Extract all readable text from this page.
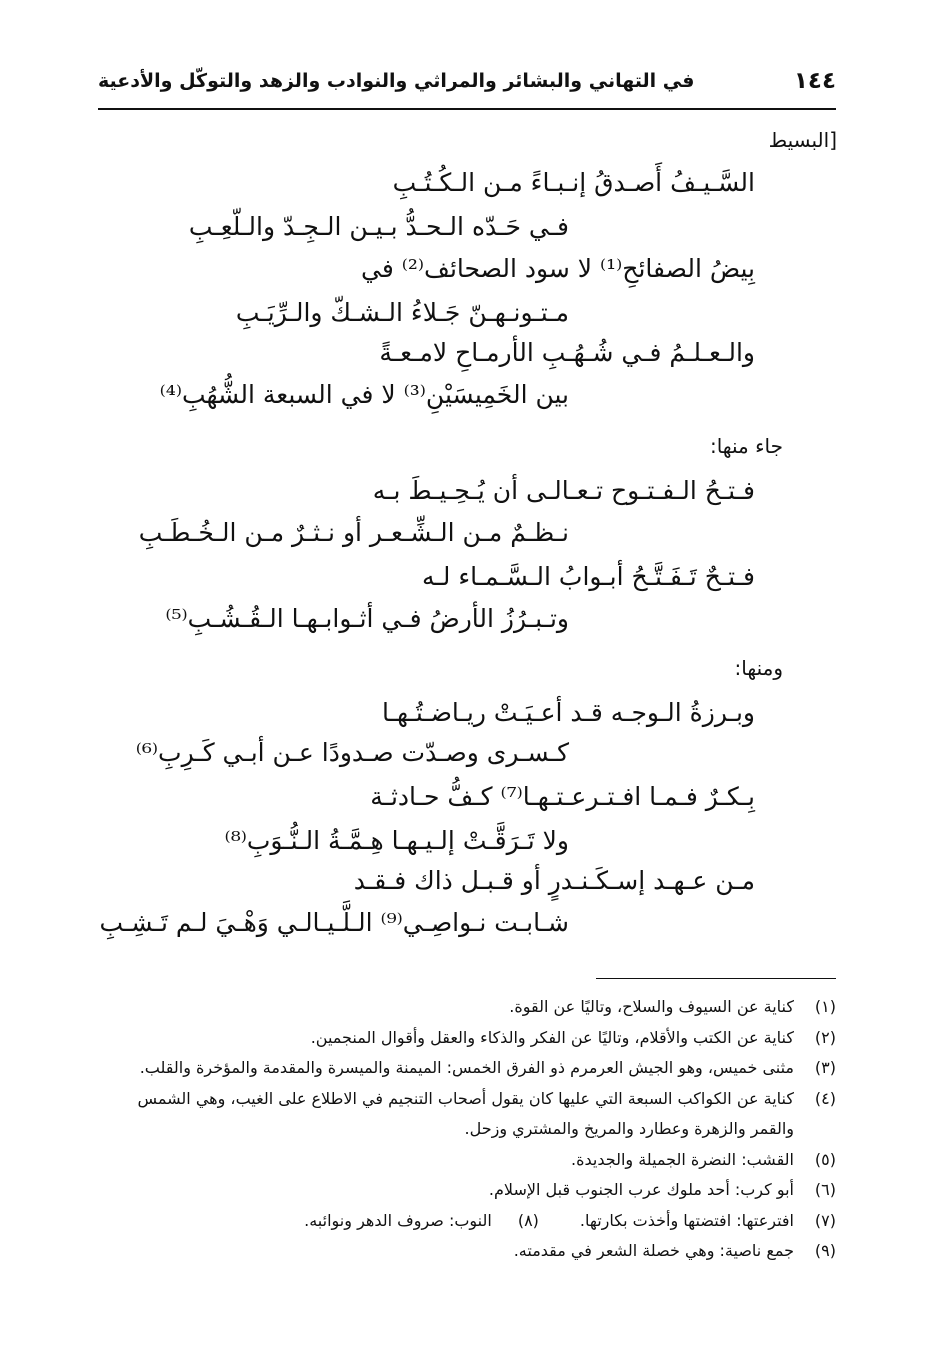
١٤٤
في التهاني والبشائر والمراثي والنوادب والزهد والتوكّل والأدعية
[البسيط
السَّـيـفُ أَصـدقُ إنـبـاءً مـن الـكُـتُـبِ
فـي حَـدّه الـحـدُّ بـيـن الـجِـدّ والـلّعِـبِ
بِيضُ الصفائحِ⁽¹⁾ لا سود الصحائف⁽²⁾ في
مـتـونـهـنّ جَـلاءُ الـشـكّ والـرِّيَـبِ
والـعـلـمُ فـي شُـهُـبِ الأرمـاحِ لامـعـةً
بين الخَمِيسَيْنِ⁽³⁾ لا في السبعة الشُّهُبِ⁽⁴⁾
جاء منها:
فـتـحُ الـفـتـوح تـعـالـى أن يُـحِـيـطَ بـه
نـظـمٌ مـن الـشِّـعـر أو نـثـرٌ مـن الـخُـطَـبِ
فـتـحٌ تَـفَـتَّـحُ أبـوابُ الـسَّـمـاء لـه
وتـبـرُزُ الأرضُ فـي أثـوابـهـا الـقُـشُـبِ⁽⁵⁾
ومنها:
وبـرزةُ الـوجـه قـد أعـيَـتْ ريـاضـتُـهـا
كـسـرى وصـدّت صـدودًا عـن أبـي كَـرِبِ⁽⁶⁾
بِـكـرٌ فـمـا افـتـرعـتـهـا⁽⁷⁾ كـفُّ حـادثـة
ولا تَـرَقَّـتْ إلـيـهـا هِـمَّـةُ الـنُّـوَبِ⁽⁸⁾
مـن عـهـد إسـكَـنـدرٍ أو قـبـل ذاك فـقـد
شـابـت نـواصِـي⁽⁹⁾ الـلَّـيـالـي وَهْـيَ لـم تَـشِـبِ
(١)
كناية عن السيوف والسلاح، وتاليًا عن القوة.
(٢)
كناية عن الكتب والأقلام، وتاليًا عن الفكر والذكاء والعقل وأقوال المنجمين.
(٣)
مثنى خميس، وهو الجيش العرمرم ذو الفرق الخمس: الميمنة والميسرة والمقدمة والمؤخرة والقلب.
(٤)
كناية عن الكواكب السبعة التي عليها كان يقول أصحاب التنجيم في الاطلاع على الغيب، وهي الشمس والقمر والزهرة وعطارد والمريخ والمشتري وزحل.
(٥)
القشب: النضرة الجميلة والجديدة.
(٦)
أبو كرب: أحد ملوك عرب الجنوب قبل الإسلام.
(٧)
افترعتها: افتضتها وأخذت بكارتها. (٨) النوب: صروف الدهر ونوائبه.
(٩)
جمع ناصية: وهي خصلة الشعر في مقدمته.
